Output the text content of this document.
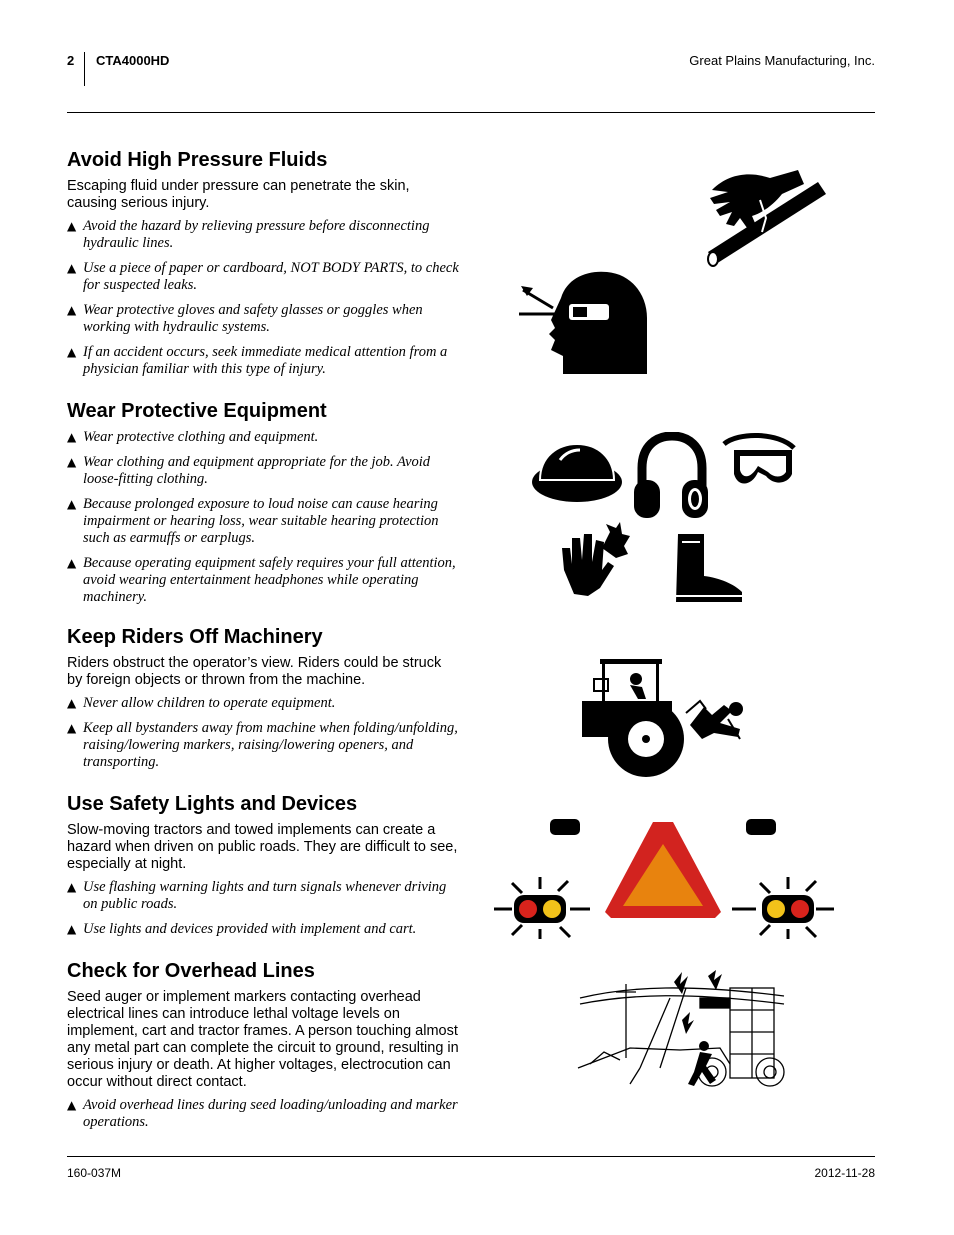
2 CTA4000HD	Great Plains Manufacturing, Inc.
Avoid High Pressure Fluids

Escaping fluid under pressure can penetrate the skin, causing serious injury.

▲ Avoid the hazard by relieving pressure before disconnecting hydraulic lines.
▲ Use a piece of paper or cardboard, NOT BODY PARTS, to check for suspected leaks.
▲ Wear protective gloves and safety glasses or goggles when working with hydraulic systems.
▲ If an accident occurs, seek immediate medical attention from a physician familiar with this type of injury.
Wear Protective Equipment
▲ Wear protective clothing and equipment.
▲ Wear clothing and equipment appropriate for the job. Avoid loose-fitting clothing.
▲ Because prolonged exposure to loud noise can cause hearing impairment or hearing loss, wear suitable hearing protection such as earmuffs or earplugs.
▲ Because operating equipment safely requires your full attention, avoid wearing entertainment headphones while operating machinery.
Keep Riders Off Machinery

Riders obstruct the operator’s view. Riders could be struck by foreign objects or thrown from the machine.

▲ Never allow children to operate equipment.
▲ Keep all bystanders away from machine when folding/unfolding, raising/lowering markers, raising/lowering openers, and transporting.
Use Safety Lights and Devices

Slow-moving tractors and towed implements can create a hazard when driven on public roads. They are difficult to see, especially at night.

▲ Use flashing warning lights and turn signals whenever driving on public roads.
▲ Use lights and devices provided with implement and cart.
Check for Overhead Lines

Seed auger or implement markers contacting overhead electrical lines can introduce lethal voltage levels on implement, cart and tractor frames. A person touching almost any metal part can complete the circuit to ground, resulting in serious injury or death. At higher voltages, electrocution can occur without direct contact.

▲ Avoid overhead lines during seed loading/unloading and marker operations.
160-037M	2012-11-28
